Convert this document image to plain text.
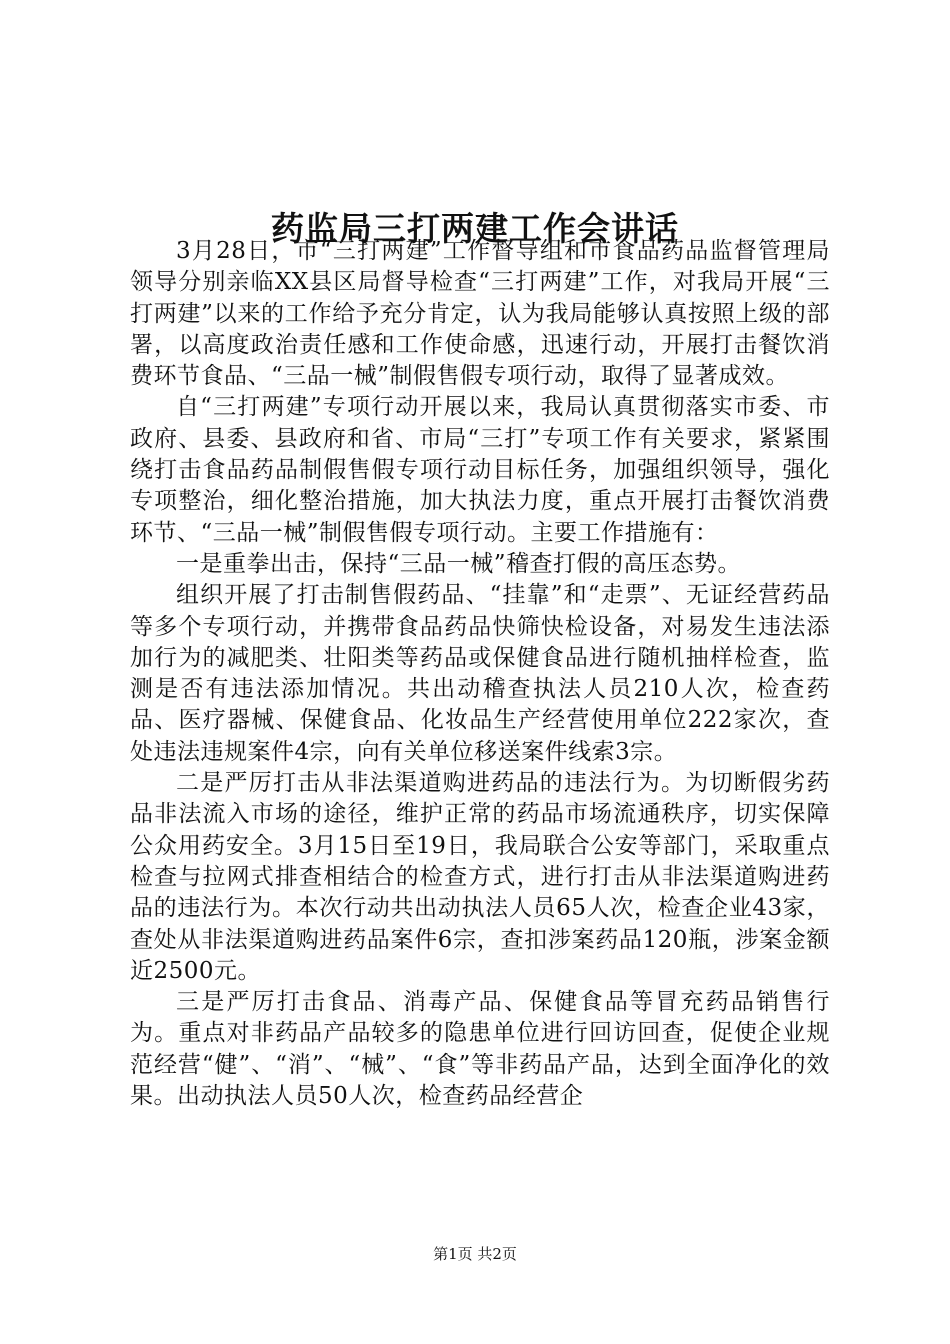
药监局三打两建工作会讲话

3月28日，市“三打两建”工作督导组和市食品药品监督管理局领导分别亲临XX县区局督导检查“三打两建”工作，对我局开展“三打两建”以来的工作给予充分肯定，认为我局能够认真按照上级的部署，以高度政治责任感和工作使命感，迅速行动，开展打击餐饮消费环节食品、“三品一械”制假售假专项行动，取得了显著成效。

自“三打两建”专项行动开展以来，我局认真贯彻落实市委、市政府、县委、县政府和省、市局“三打”专项工作有关要求，紧紧围绕打击食品药品制假售假专项行动目标任务，加强组织领导，强化专项整治，细化整治措施，加大执法力度，重点开展打击餐饮消费环节、“三品一械”制假售假专项行动。主要工作措施有：

一是重拳出击，保持“三品一械”稽查打假的高压态势。

组织开展了打击制售假药品、“挂靠”和“走票”、无证经营药品等多个专项行动，并携带食品药品快筛快检设备，对易发生违法添加行为的减肥类、壮阳类等药品或保健食品进行随机抽样检查，监测是否有违法添加情况。共出动稽查执法人员210人次，检查药品、医疗器械、保健食品、化妆品生产经营使用单位222家次，查处违法违规案件4宗，向有关单位移送案件线索3宗。

二是严厉打击从非法渠道购进药品的违法行为。为切断假劣药品非法流入市场的途径，维护正常的药品市场流通秩序，切实保障公众用药安全。3月15日至19日，我局联合公安等部门，采取重点检查与拉网式排查相结合的检查方式，进行打击从非法渠道购进药品的违法行为。本次行动共出动执法人员65人次，检查企业43家，查处从非法渠道购进药品案件6宗，查扣涉案药品120瓶，涉案金额近2500元。

三是严厉打击食品、消毒产品、保健食品等冒充药品销售行为。重点对非药品产品较多的隐患单位进行回访回查，促使企业规范经营“健”、“消”、“械”、“食”等非药品产品，达到全面净化的效果。出动执法人员50人次，检查药品经营企

第1页 共2页
